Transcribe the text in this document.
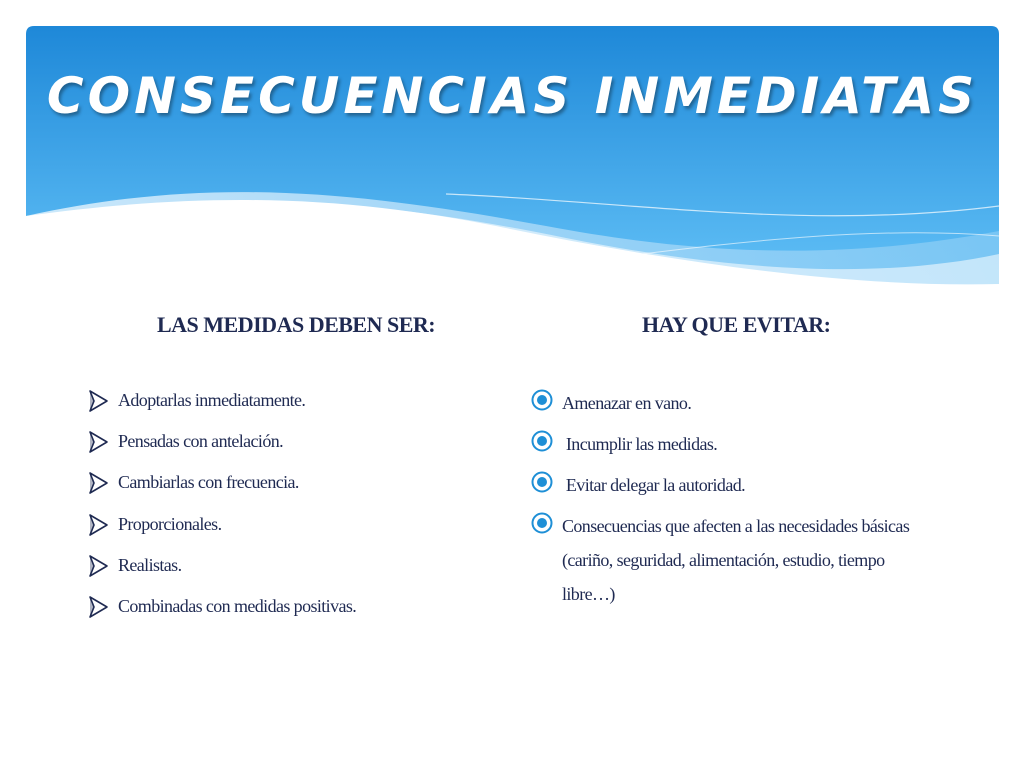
CONSECUENCIAS INMEDIATAS
LAS MEDIDAS DEBEN SER:	HAY QUE EVITAR:
Adoptarlas inmediatamente.
Pensadas con antelación.
Cambiarlas con frecuencia.
Proporcionales.
Realistas.
Combinadas con medidas positivas.
Amenazar en vano.
Incumplir las medidas.
Evitar delegar la autoridad.
Consecuencias que afecten a las necesidades básicas (cariño, seguridad, alimentación, estudio, tiempo libre…)
